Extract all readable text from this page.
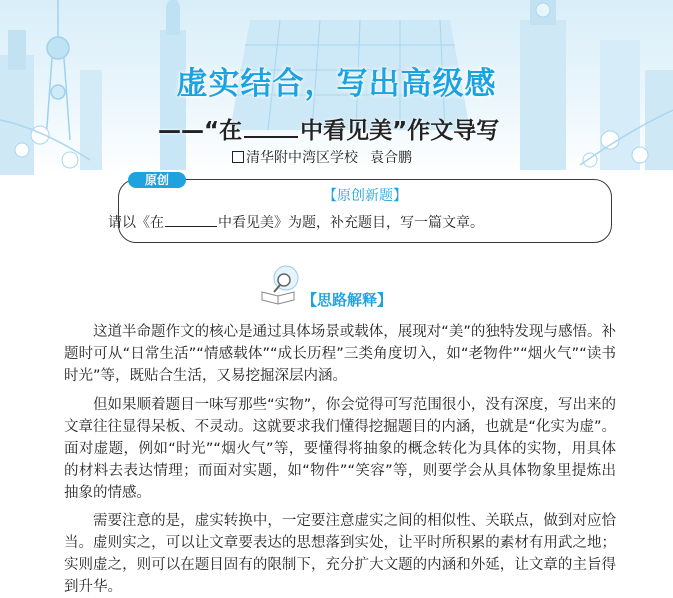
虚实结合，写出高级感
——“在	中看见美”作文导写
清华附中湾区学校 袁合鹏
原创
【原创新题】
请以《在	中看见美》为题，补充题目，写一篇文章。
【思路解释】

这道半命题作文的核心是通过具体场景或载体，展现对“美”的独特发现与感悟。补题时可从“日常生活”“情感载体”“成长历程”三类角度切入，如“老物件”“烟火气”“读书时光”等，既贴合生活，又易挖掘深层内涵。

但如果顺着题目一味写那些“实物”，你会觉得可写范围很小，没有深度，写出来的文章往往显得呆板、不灵动。这就要求我们懂得挖掘题目的内涵，也就是“化实为虚”。面对虚题，例如“时光”“烟火气”等，要懂得将抽象的概念转化为具体的实物，用具体的材料去表达情理；而面对实题，如“物件”“笑容”等，则要学会从具体物象里提炼出抽象的情感。

需要注意的是，虚实转换中，一定要注意虚实之间的相似性、关联点，做到对应恰当。虚则实之，可以让文章要表达的思想落到实处，让平时所积累的素材有用武之地；实则虚之，则可以在题目固有的限制下，充分扩大文题的内涵和外延，让文章的主旨得到升华。
